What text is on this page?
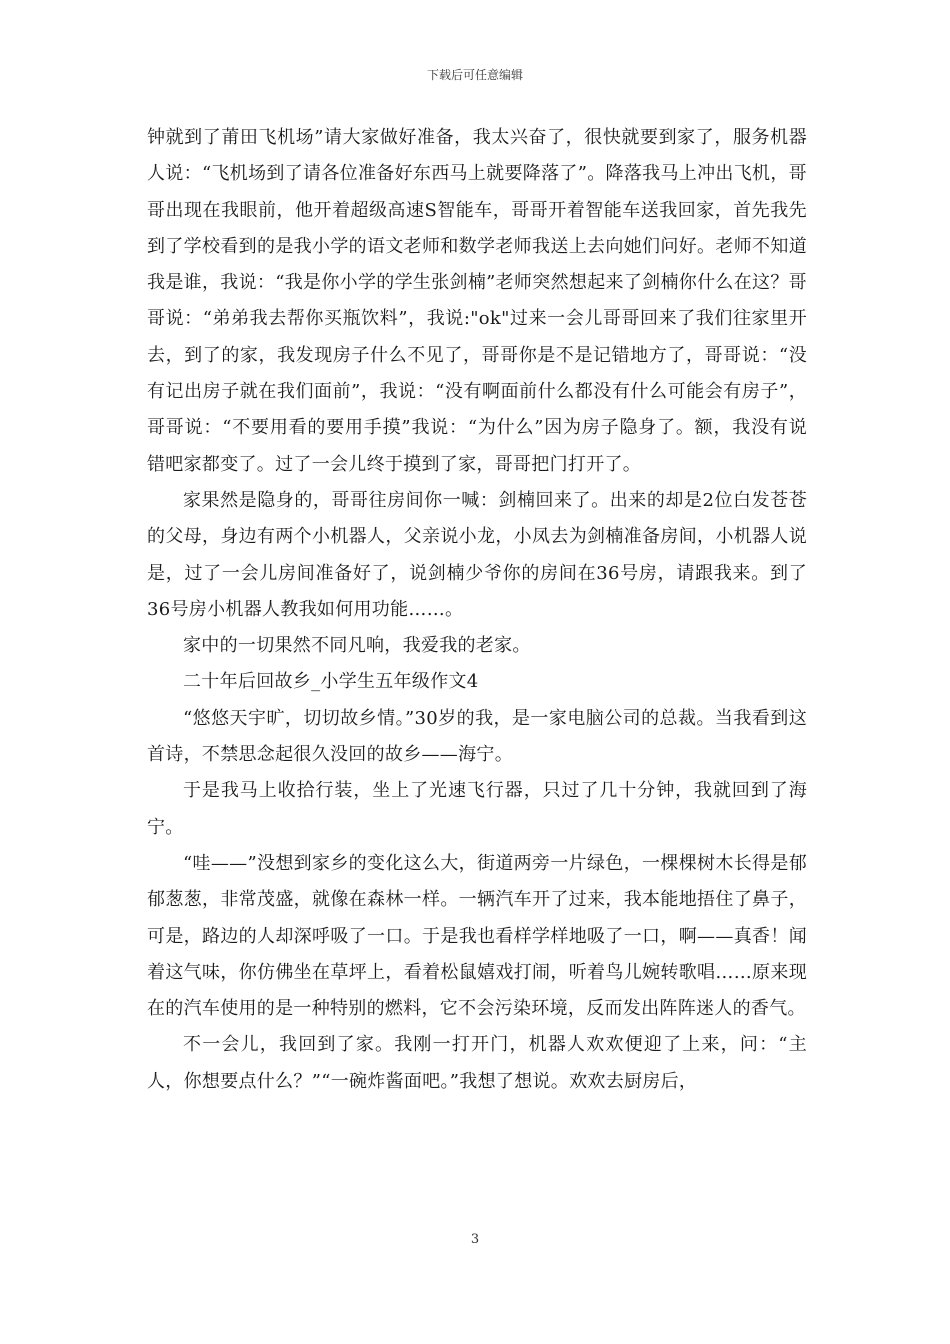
下载后可任意编辑

钟就到了莆田飞机场”请大家做好准备，我太兴奋了，很快就要到家了，服务机器人说：“飞机场到了请各位准备好东西马上就要降落了”。降落我马上冲出飞机，哥哥出现在我眼前，他开着超级高速S智能车，哥哥开着智能车送我回家，首先我先到了学校看到的是我小学的语文老师和数学老师我送上去向她们问好。老师不知道我是谁，我说：“我是你小学的学生张剑楠”老师突然想起来了剑楠你什么在这？哥哥说：“弟弟我去帮你买瓶饮料”，我说:"ok"过来一会儿哥哥回来了我们往家里开去，到了的家，我发现房子什么不见了，哥哥你是不是记错地方了，哥哥说：“没有记出房子就在我们面前”，我说：“没有啊面前什么都没有什么可能会有房子”，哥哥说：“不要用看的要用手摸”我说：“为什么”因为房子隐身了。额，我没有说错吧家都变了。过了一会儿终于摸到了家，哥哥把门打开了。

家果然是隐身的，哥哥往房间你一喊：剑楠回来了。出来的却是2位白发苍苍的父母，身边有两个小机器人，父亲说小龙，小凤去为剑楠准备房间，小机器人说是，过了一会儿房间准备好了，说剑楠少爷你的房间在36号房，请跟我来。到了36号房小机器人教我如何用功能……。

家中的一切果然不同凡响，我爱我的老家。

二十年后回故乡_小学生五年级作文4

“悠悠天宇旷，切切故乡情。”30岁的我，是一家电脑公司的总裁。当我看到这首诗，不禁思念起很久没回的故乡——海宁。

于是我马上收拾行装，坐上了光速飞行器，只过了几十分钟，我就回到了海宁。

“哇——”没想到家乡的变化这么大，街道两旁一片绿色，一棵棵树木长得是郁郁葱葱，非常茂盛，就像在森林一样。一辆汽车开了过来，我本能地捂住了鼻子，可是，路边的人却深呼吸了一口。于是我也看样学样地吸了一口，啊——真香！闻着这气味，你仿佛坐在草坪上，看着松鼠嬉戏打闹，听着鸟儿婉转歌唱……原来现在的汽车使用的是一种特别的燃料，它不会污染环境，反而发出阵阵迷人的香气。

不一会儿，我回到了家。我刚一打开门，机器人欢欢便迎了上来，问：“主人，你想要点什么？”“一碗炸酱面吧。”我想了想说。欢欢去厨房后，

3
